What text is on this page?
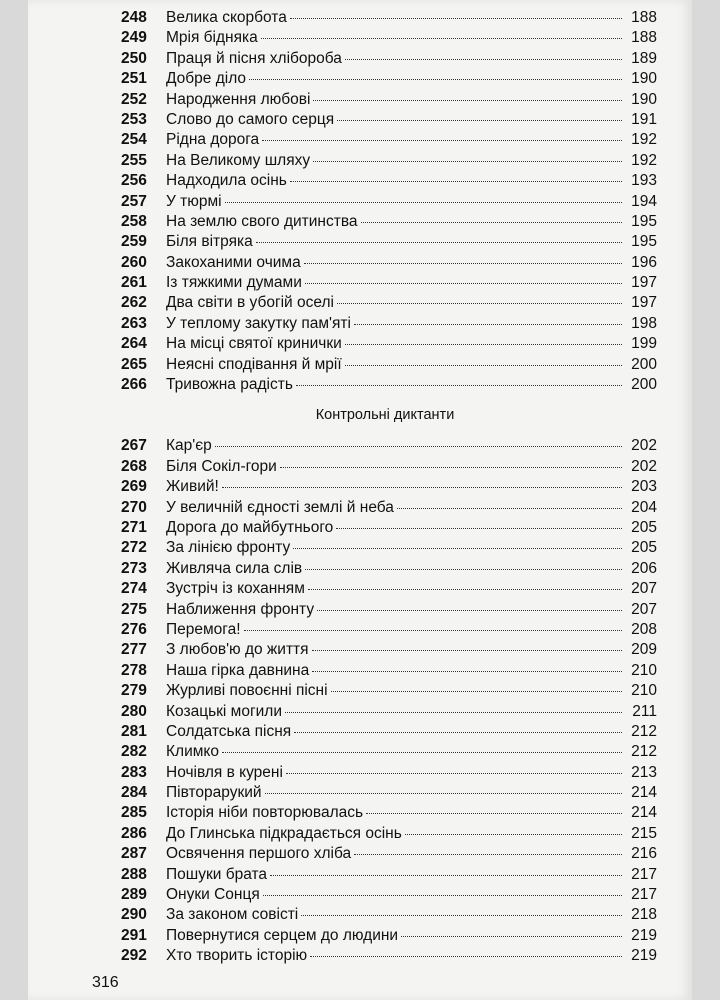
248	Велика скорбота	188
249	Мрія бідняка	188
250	Праця й пісня хлібороба	189
251	Добре діло	190
252	Народження любові	190
253	Слово до самого серця	191
254	Рідна дорога	192
255	На Великому шляху	192
256	Надходила осінь	193
257	У тюрмі	194
258	На землю свого дитинства	195
259	Біля вітряка	195
260	Закоханими очима	196
261	Із тяжкими думами	197
262	Два світи в убогій оселі	197
263	У теплому закутку пам'яті	198
264	На місці святої кринички	199
265	Неясні сподівання й мрії	200
266	Тривожна радість	200
Контрольні диктанти
267	Кар'єр	202
268	Біля Сокіл-гори	202
269	Живий!	203
270	У величній єдності землі й неба	204
271	Дорога до майбутнього	205
272	За лінією фронту	205
273	Живляча сила слів	206
274	Зустріч із коханням	207
275	Наближення фронту	207
276	Перемога!	208
277	З любов'ю до життя	209
278	Наша гірка давнина	210
279	Журливі повоєнні пісні	210
280	Козацькі могили	211
281	Солдатська пісня	212
282	Климко	212
283	Ночівля в курені	213
284	Півторарукий	214
285	Історія ніби повторювалась	214
286	До Глинська підкрадається осінь	215
287	Освячення першого хліба	216
288	Пошуки брата	217
289	Онуки Сонця	217
290	За законом совісті	218
291	Повернутися серцем до людини	219
292	Хто творить історію	219
316
